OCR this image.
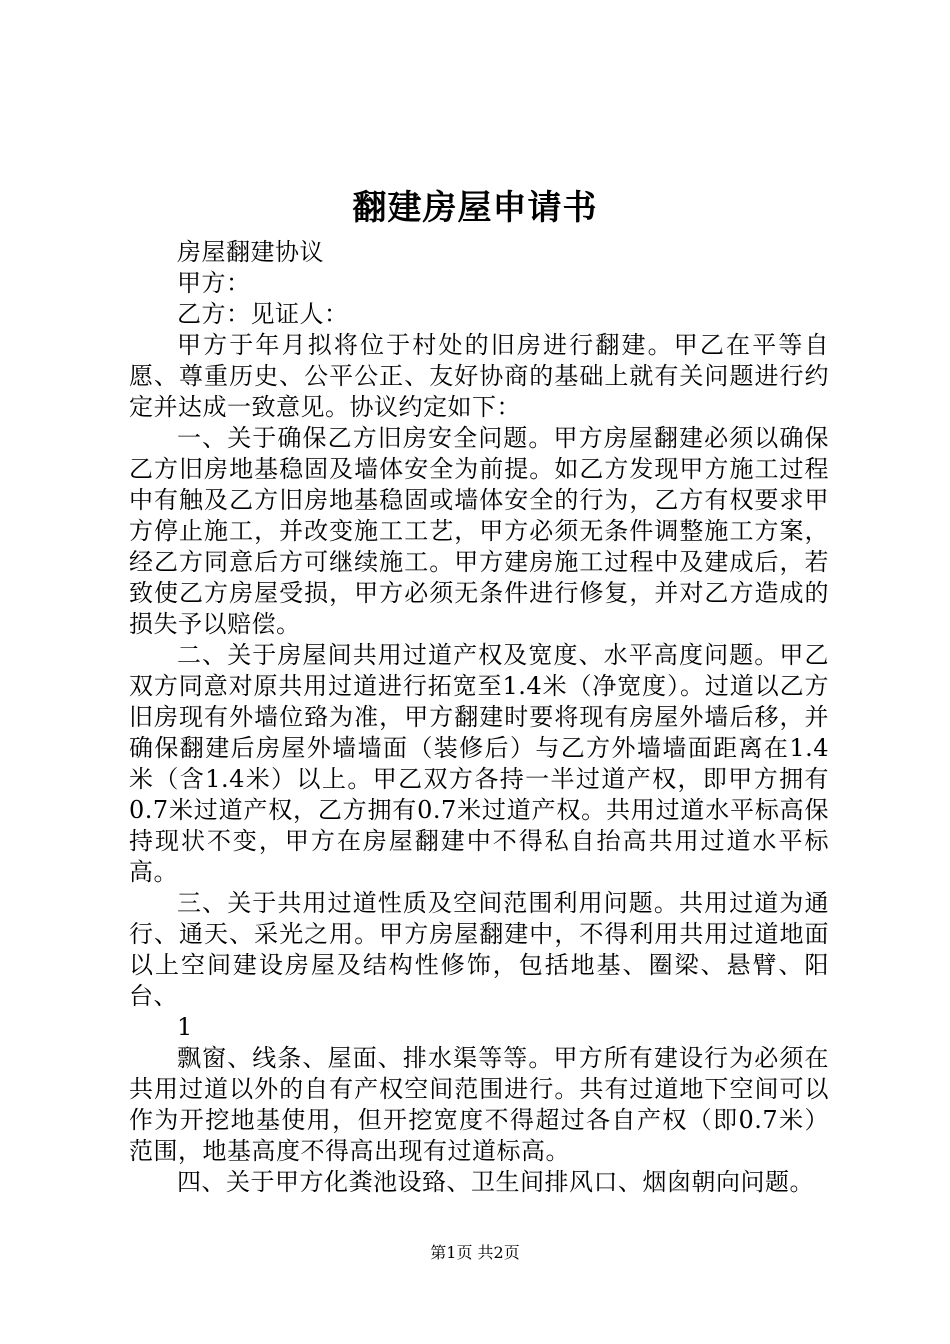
翻建房屋申请书

房屋翻建协议

甲方：

乙方：见证人：

甲方于年月拟将位于村处的旧房进行翻建。甲乙在平等自愿、尊重历史、公平公正、友好协商的基础上就有关问题进行约定并达成一致意见。协议约定如下：

一、关于确保乙方旧房安全问题。甲方房屋翻建必须以确保乙方旧房地基稳固及墙体安全为前提。如乙方发现甲方施工过程中有触及乙方旧房地基稳固或墙体安全的行为，乙方有权要求甲方停止施工，并改变施工工艺，甲方必须无条件调整施工方案，经乙方同意后方可继续施工。甲方建房施工过程中及建成后，若致使乙方房屋受损，甲方必须无条件进行修复，并对乙方造成的损失予以赔偿。

二、关于房屋间共用过道产权及宽度、水平高度问题。甲乙双方同意对原共用过道进行拓宽至1.4米（净宽度）。过道以乙方旧房现有外墙位臵为准，甲方翻建时要将现有房屋外墙后移，并确保翻建后房屋外墙墙面（装修后）与乙方外墙墙面距离在1.4米（含1.4米）以上。甲乙双方各持一半过道产权，即甲方拥有0.7米过道产权，乙方拥有0.7米过道产权。共用过道水平标高保持现状不变，甲方在房屋翻建中不得私自抬高共用过道水平标高。

三、关于共用过道性质及空间范围利用问题。共用过道为通行、通天、采光之用。甲方房屋翻建中，不得利用共用过道地面以上空间建设房屋及结构性修饰，包括地基、圈梁、悬臂、阳台、

1

飘窗、线条、屋面、排水渠等等。甲方所有建设行为必须在共用过道以外的自有产权空间范围进行。共有过道地下空间可以作为开挖地基使用，但开挖宽度不得超过各自产权（即0.7米）范围，地基高度不得高出现有过道标高。

四、关于甲方化粪池设臵、卫生间排风口、烟囱朝向问题。

第1页 共2页
